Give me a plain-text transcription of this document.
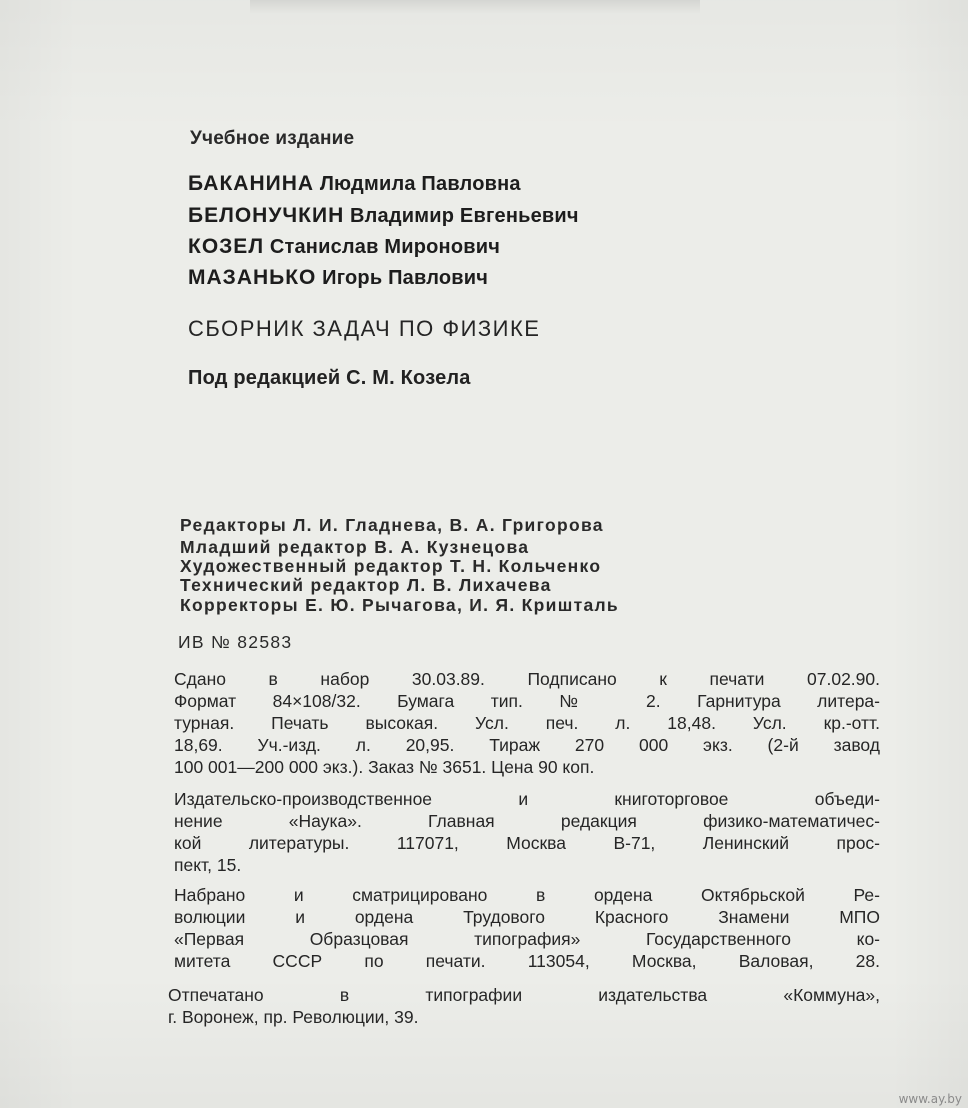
Учебное издание
БАКАНИНА Людмила Павловна
БЕЛОНУЧКИН Владимир Евгеньевич
КОЗЕЛ Станислав Миронович
МАЗАНЬКО Игорь Павлович
СБОРНИК ЗАДАЧ ПО ФИЗИКЕ
Под редакцией С. М. Козела
Редакторы Л. И. Гладнева, В. А. Григорова
Младший редактор В. А. Кузнецова
Художественный редактор Т. Н. Кольченко
Технический редактор Л. В. Лихачева
Корректоры Е. Ю. Рычагова, И. Я. Кришталь
ИВ № 82583
Сдано в набор 30.03.89. Подписано к печати 07.02.90.
Формат 84×108/32. Бумага тип. № 2. Гарнитура литера-
турная. Печать высокая. Усл. печ. л. 18,48. Усл. кр.-отт.
18,69. Уч.-изд. л. 20,95. Тираж 270 000 экз. (2-й завод
100 001—200 000 экз.). Заказ № 3651. Цена 90 коп.
Издательско-производственное и книготорговое объеди-
нение «Наука». Главная редакция физико-математичес-
кой литературы. 117071, Москва В-71, Ленинский прос-
пект, 15.
Набрано и сматрицировано в ордена Октябрьской Ре-
волюции и ордена Трудового Красного Знамени МПО
«Первая Образцовая типография» Государственного ко-
митета СССР по печати. 113054, Москва, Валовая, 28.
Отпечатано в типографии издательства «Коммуна»,
г. Воронеж, пр. Революции, 39.
www.ay.by
